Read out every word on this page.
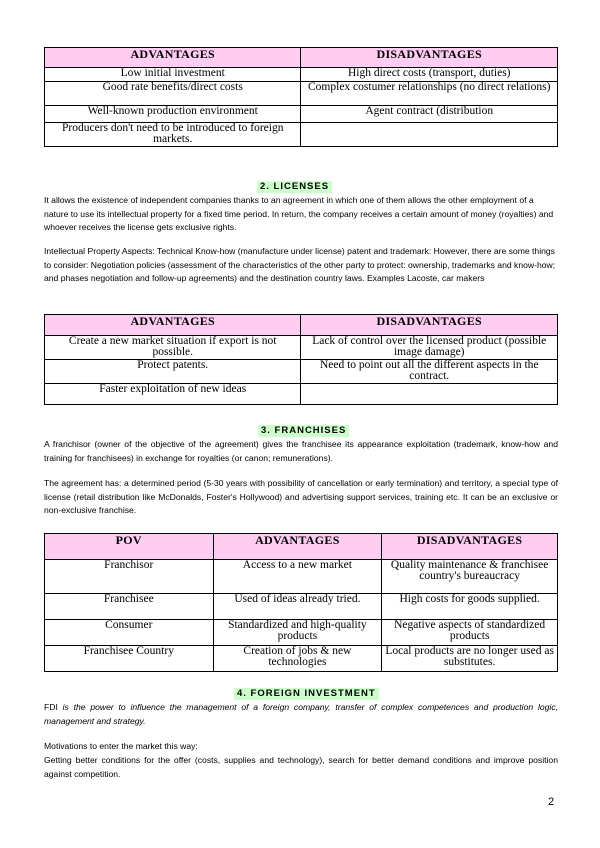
ADVANTAGES	DISADVANTAGES
Low initial investment	High direct costs (transport, duties)
Good rate benefits/direct costs	Complex costumer relationships (no direct relations)
Well-known production environment	Agent contract (distribution
Producers don't need to be introduced to foreign markets.	
2. LICENSES

It allows the existence of independent companies thanks to an agreement in which one of them allows the other employment of a nature to use its intellectual property for a fixed time period. In return, the company receives a certain amount of money (royalties) and whoever receives the license gets exclusive rights.

Intellectual Property Aspects: Technical Know-how (manufacture under license) patent and trademark: However, there are some things to consider: Negotiation policies (assessment of the characteristics of the other party to protect: ownership, trademarks and know-how; and phases negotiation and follow-up agreements) and the destination country laws. Examples Lacoste, car makers

ADVANTAGES	DISADVANTAGES
Create a new market situation if export is not possible.	Lack of control over the licensed product (possible image damage)
Protect patents.	Need to point out all the different aspects in the contract.
Faster exploitation of new ideas	
3. FRANCHISES

A franchisor (owner of the objective of the agreement) gives the franchisee its appearance exploitation (trademark, know-how and training for franchisees) in exchange for royalties (or canon; remunerations).

The agreement has: a determined period (5-30 years with possibility of cancellation or early termination) and territory, a special type of license (retail distribution like McDonalds, Foster's Hollywood) and advertising support services, training etc. It can be an exclusive or non-exclusive franchise.

POV	ADVANTAGES	DISADVANTAGES
Franchisor	Access to a new market	Quality maintenance & franchisee country's bureaucracy
Franchisee	Used of ideas already tried.	High costs for goods supplied.
Consumer	Standardized and high-quality products	Negative aspects of standardized products
Franchisee Country	Creation of jobs & new technologies	Local products are no longer used as substitutes.
4. FOREIGN INVESTMENT

FDI is the power to influence the management of a foreign company, transfer of complex competences and production logic, management and strategy.

Motivations to enter the market this way:

Getting better conditions for the offer (costs, supplies and technology), search for better demand conditions and improve position against competition.

2
